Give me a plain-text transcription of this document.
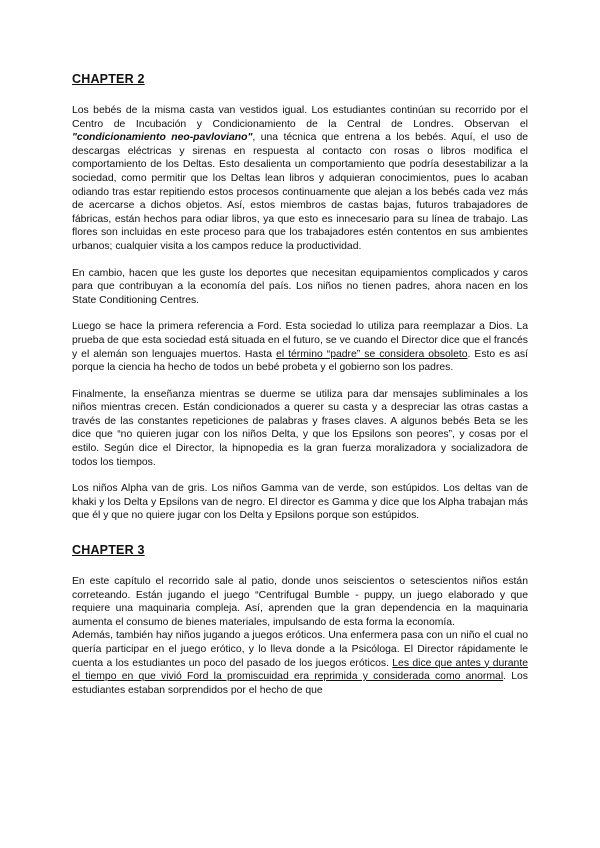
CHAPTER 2

Los bebés de la misma casta van vestidos igual. Los estudiantes continúan su recorrido por el Centro de Incubación y Condicionamiento de la Central de Londres. Observan el "condicionamiento neo-pavloviano", una técnica que entrena a los bebés. Aquí, el uso de descargas eléctricas y sirenas en respuesta al contacto con rosas o libros modifica el comportamiento de los Deltas. Esto desalienta un comportamiento que podría desestabilizar a la sociedad, como permitir que los Deltas lean libros y adquieran conocimientos, pues lo acaban odiando tras estar repitiendo estos procesos continuamente que alejan a los bebés cada vez más de acercarse a dichos objetos. Así, estos miembros de castas bajas, futuros trabajadores de fábricas, están hechos para odiar libros, ya que esto es innecesario para su línea de trabajo. Las flores son incluidas en este proceso para que los trabajadores estén contentos en sus ambientes urbanos; cualquier visita a los campos reduce la productividad.

En cambio, hacen que les guste los deportes que necesitan equipamientos complicados y caros para que contribuyan a la economía del país. Los niños no tienen padres, ahora nacen en los State Conditioning Centres.

Luego se hace la primera referencia a Ford. Esta sociedad lo utiliza para reemplazar a Dios. La prueba de que esta sociedad está situada en el futuro, se ve cuando el Director dice que el francés y el alemán son lenguajes muertos. Hasta el término “padre” se considera obsoleto. Esto es así porque la ciencia ha hecho de todos un bebé probeta y el gobierno son los padres.

Finalmente, la enseñanza mientras se duerme se utiliza para dar mensajes subliminales a los niños mientras crecen. Están condicionados a querer su casta y a despreciar las otras castas a través de las constantes repeticiones de palabras y frases claves. A algunos bebés Beta se les dice que “no quieren jugar con los niños Delta, y que los Epsilons son peores”, y cosas por el estilo. Según dice el Director, la hipnopedia es la gran fuerza moralizadora y socializadora de todos los tiempos.

Los niños Alpha van de gris. Los niños Gamma van de verde, son estúpidos. Los deltas van de khaki y los Delta y Epsilons van de negro. El director es Gamma y dice que los Alpha trabajan más que él y que no quiere jugar con los Delta y Epsilons porque son estúpidos.

CHAPTER 3

En este capítulo el recorrido sale al patio, donde unos seiscientos o setescientos niños están correteando. Están jugando el juego “Centrifugal Bumble - puppy, un juego elaborado y que requiere una maquinaria compleja. Así, aprenden que la gran dependencia en la maquinaria aumenta el consumo de bienes materiales, impulsando de esta forma la economía.

Además, también hay niños jugando a juegos eróticos. Una enfermera pasa con un niño el cual no quería participar en el juego erótico, y lo lleva donde a la Psicóloga. El Director rápidamente le cuenta a los estudiantes un poco del pasado de los juegos eróticos. Les dice que antes y durante el tiempo en que vivió Ford la promiscuidad era reprimida y considerada como anormal. Los estudiantes estaban sorprendidos por el hecho de que
